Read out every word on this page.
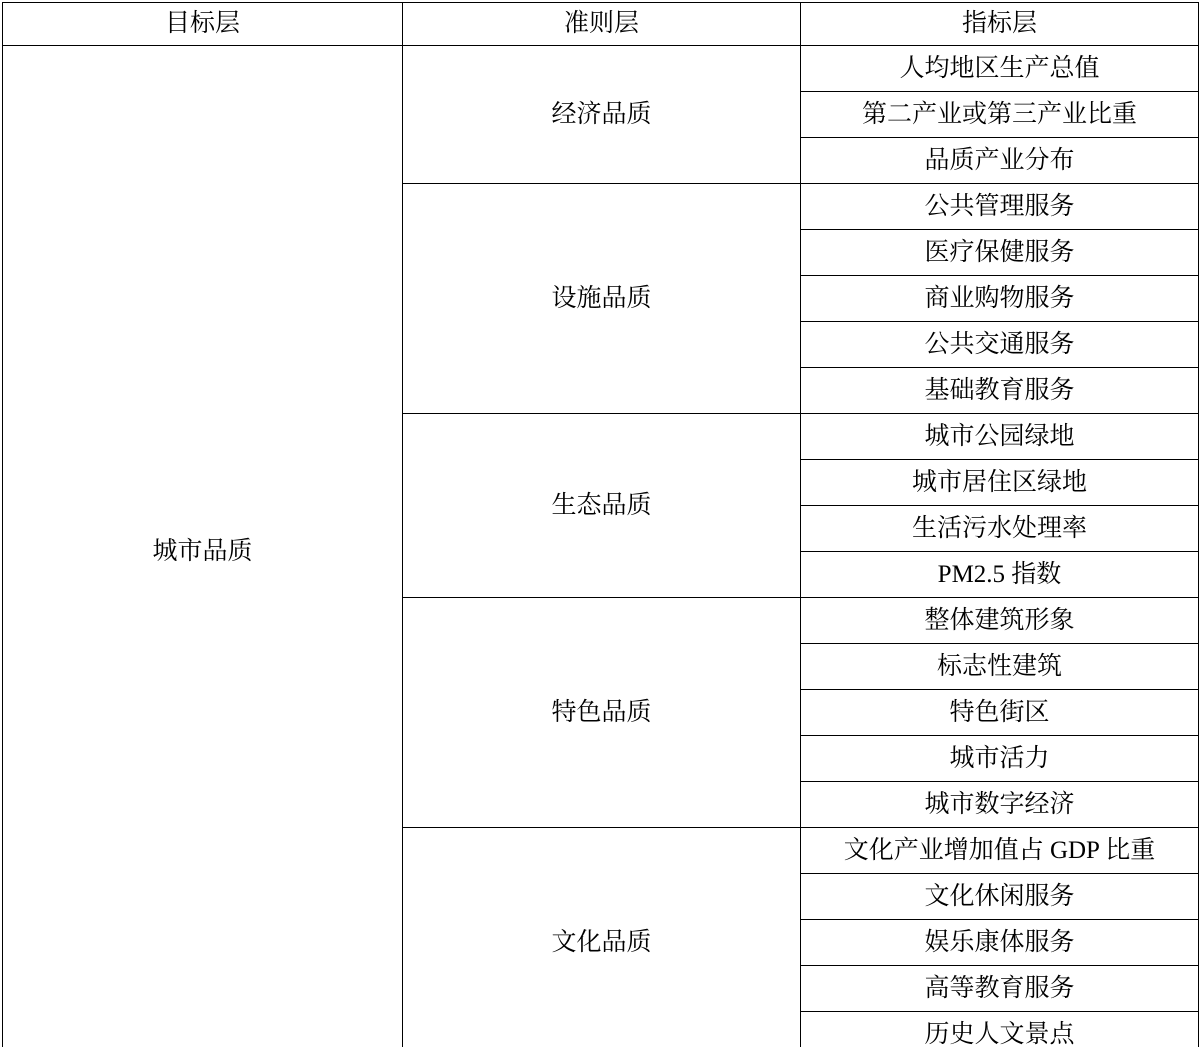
目标层	准则层	指标层
城市品质	经济品质	人均地区生产总值
		第二产业或第三产业比重
		品质产业分布
	设施品质	公共管理服务
		医疗保健服务
		商业购物服务
		公共交通服务
		基础教育服务
	生态品质	城市公园绿地
		城市居住区绿地
		生活污水处理率
		PM2.5 指数
	特色品质	整体建筑形象
		标志性建筑
		特色街区
		城市活力
		城市数字经济
	文化品质	文化产业增加值占 GDP 比重
		文化休闲服务
		娱乐康体服务
		高等教育服务
		历史人文景点
